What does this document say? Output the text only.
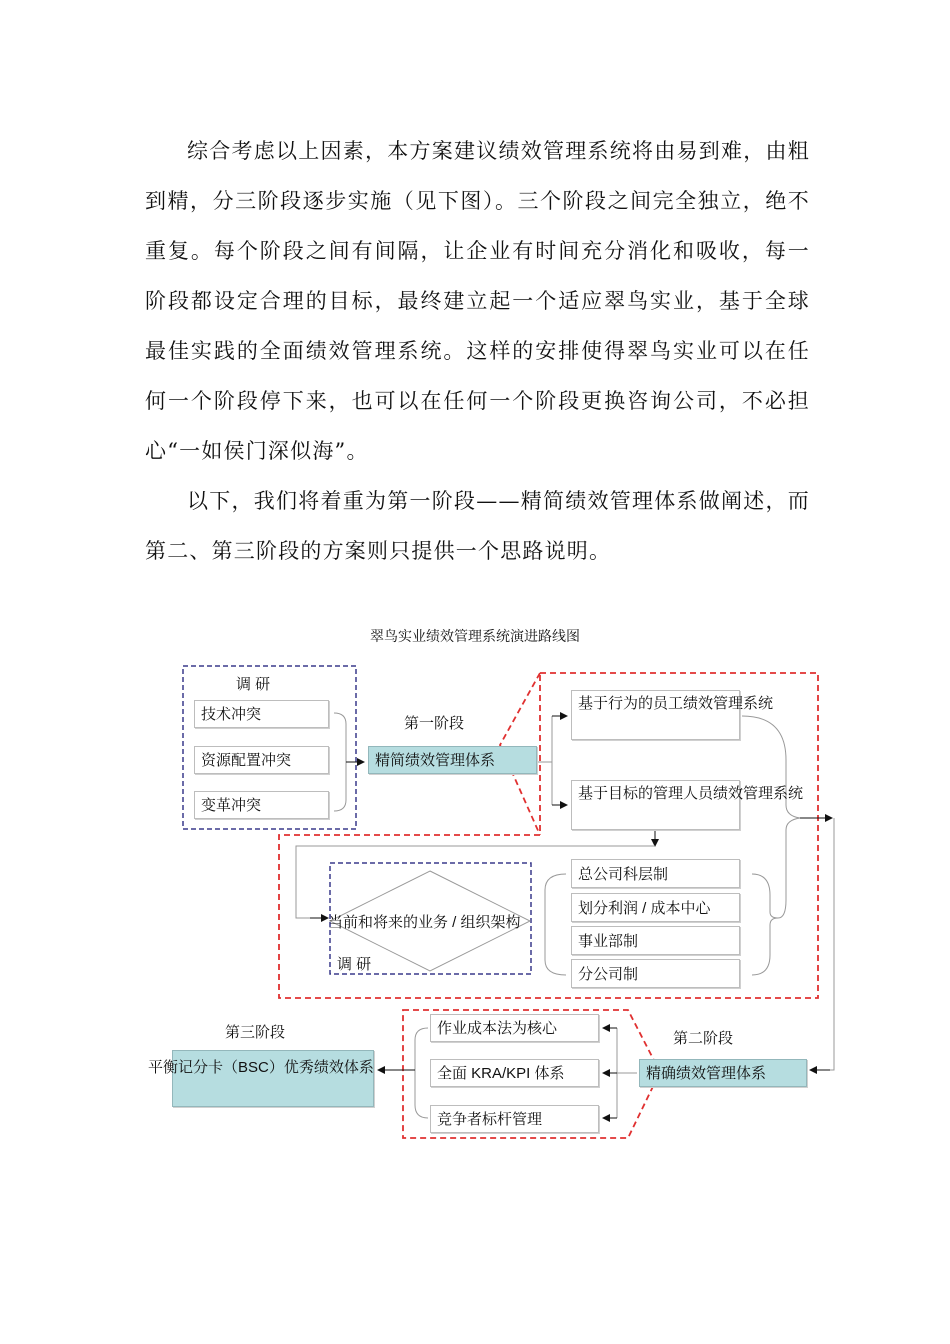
综合考虑以上因素，本方案建议绩效管理系统将由易到难，由粗到精，分三阶段逐步实施（见下图）。三个阶段之间完全独立，绝不重复。每个阶段之间有间隔，让企业有时间充分消化和吸收，每一阶段都设定合理的目标，最终建立起一个适应翠鸟实业，基于全球最佳实践的全面绩效管理系统。这样的安排使得翠鸟实业可以在任何一个阶段停下来，也可以在任何一个阶段更换咨询公司，不必担心“一如侯门深似海”。

以下，我们将着重为第一阶段——精简绩效管理体系做阐述，而第二、第三阶段的方案则只提供一个思路说明。

翠鸟实业绩效管理系统演进路线图
调 研
技术冲突
资源配置冲突
变革冲突
第一阶段
精简绩效管理体系
基于行为的员工绩效管理系统
基于目标的管理人员绩效管理系统
当前和将来的业务 / 组织架构
调 研
总公司科层制
划分利润 / 成本中心
事业部制
分公司制
第二阶段
精确绩效管理体系
作业成本法为核心
全面 KRA/KPI 体系
竞争者标杆管理
第三阶段
平衡记分卡（BSC）优秀绩效体系
